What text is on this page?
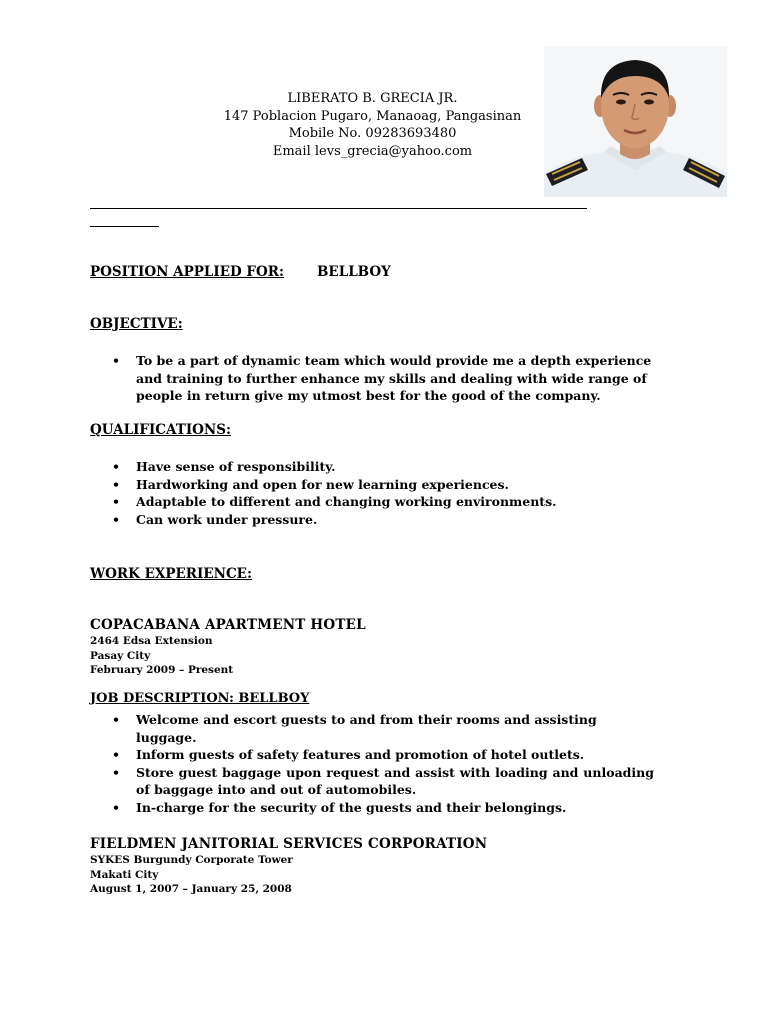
LIBERATO B. GRECIA JR.
147 Poblacion Pugaro, Manaoag, Pangasinan
Mobile No. 09283693480
Email levs_grecia@yahoo.com
POSITION APPLIED FOR: BELLBOY
OBJECTIVE:
• To be a part of dynamic team which would provide me a depth experience and training to further enhance my skills and dealing with wide range of people in return give my utmost best for the good of the company.
QUALIFICATIONS:
• Have sense of responsibility.
• Hardworking and open for new learning experiences.
• Adaptable to different and changing working environments.
• Can work under pressure.
WORK EXPERIENCE:
COPACABANA APARTMENT HOTEL
2464 Edsa Extension
Pasay City
February 2009 – Present
JOB DESCRIPTION: BELLBOY
• Welcome and escort guests to and from their rooms and assisting luggage.
• Inform guests of safety features and promotion of hotel outlets.
• Store guest baggage upon request and assist with loading and unloading of baggage into and out of automobiles.
• In-charge for the security of the guests and their belongings.
FIELDMEN JANITORIAL SERVICES CORPORATION
SYKES Burgundy Corporate Tower
Makati City
August 1, 2007 – January 25, 2008
